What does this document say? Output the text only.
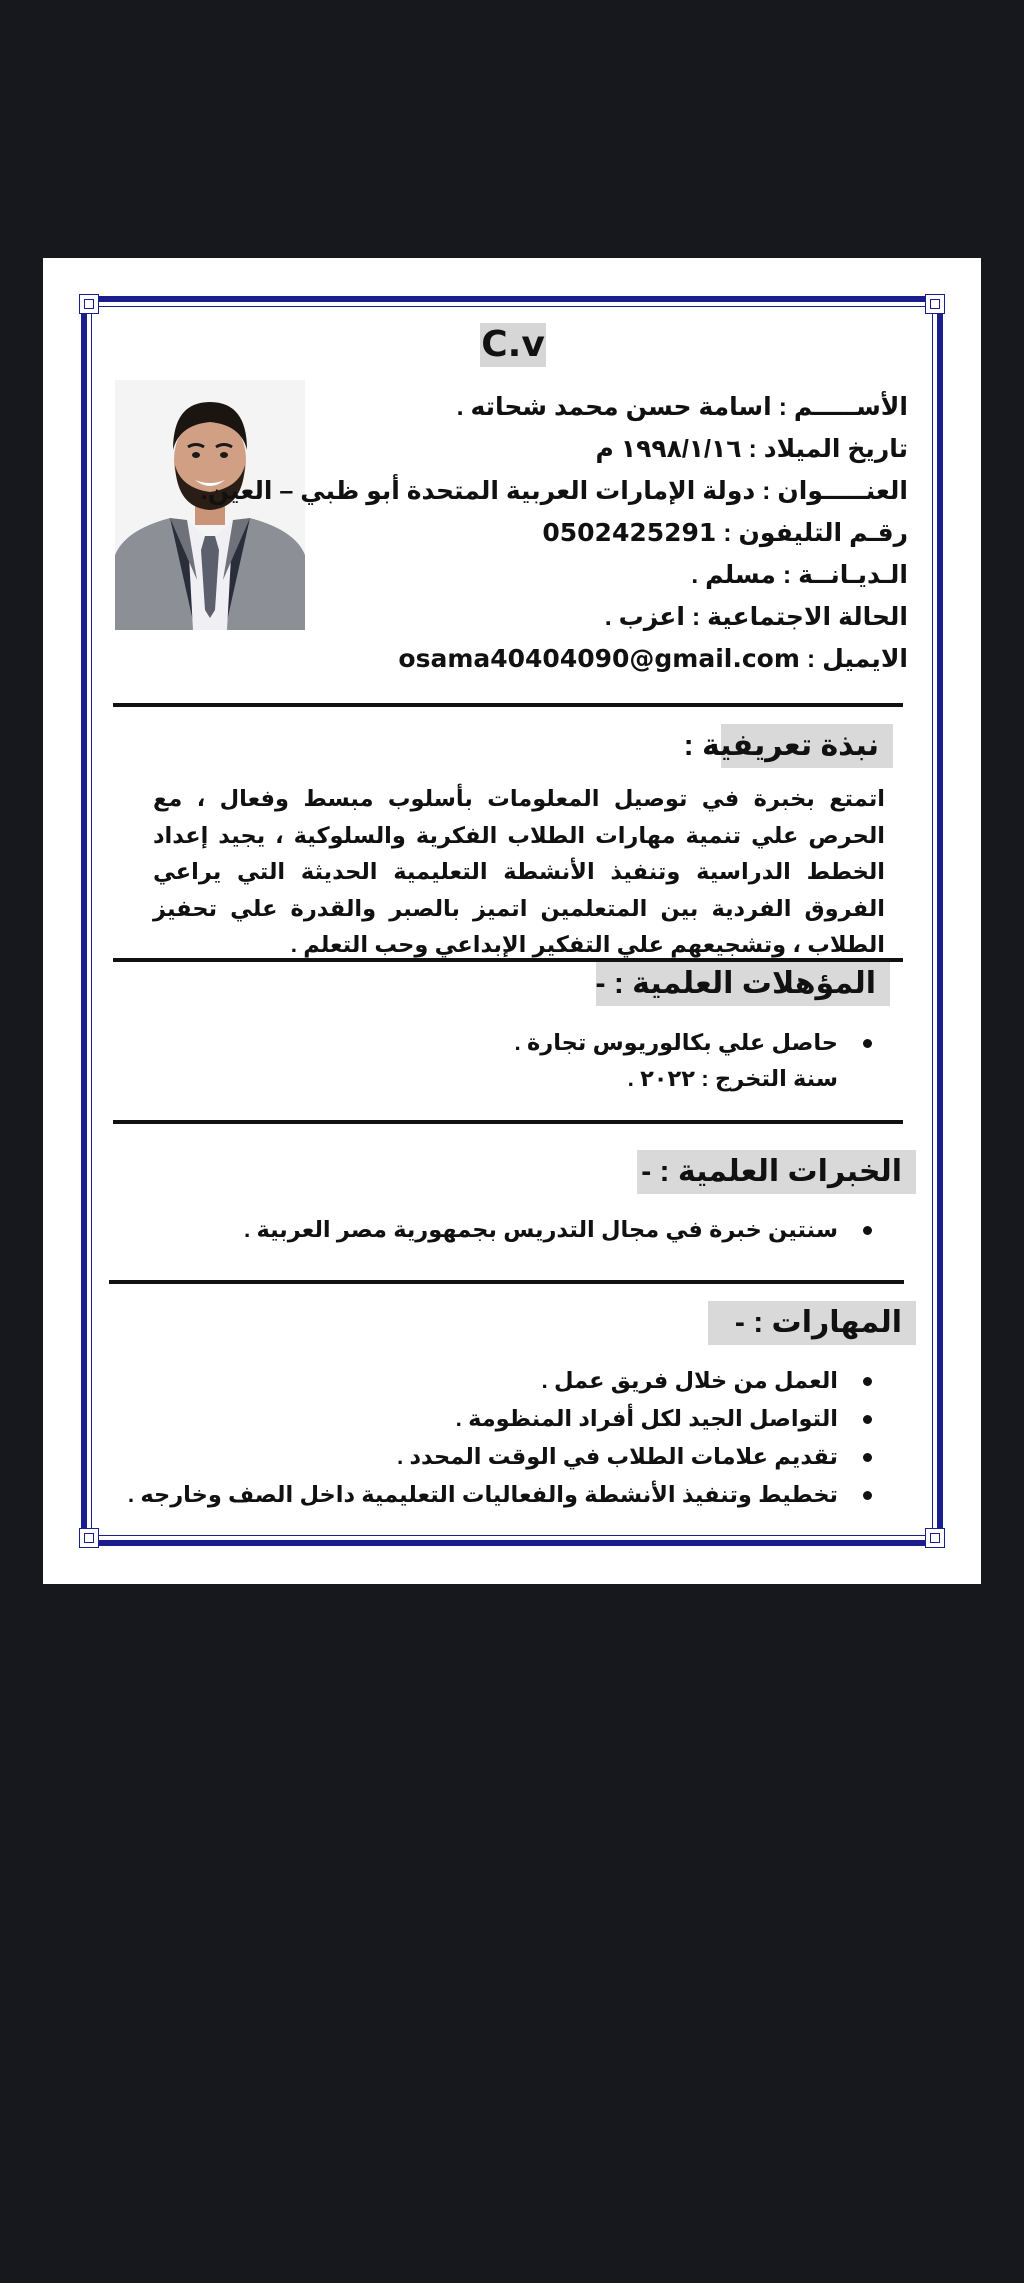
C.v
الأســـــم : اسامة حسن محمد شحاته .
تاريخ الميلاد : ١٩٩٨/١/١٦ م
العنـــــوان : دولة الإمارات العربية المتحدة أبو ظبي – العين.
رقـم التليفون : 0502425291
الـديـانــة : مسلم .
الحالة الاجتماعية : اعزب .
الايميل : osama40404090@gmail.com
نبذة تعريفية :
اتمتع بخبرة في توصيل المعلومات بأسلوب مبسط وفعال ، مع الحرص علي تنمية مهارات الطلاب الفكرية والسلوكية ، يجيد إعداد الخطط الدراسية وتنفيذ الأنشطة التعليمية الحديثة التي يراعي الفروق الفردية بين المتعلمين اتميز بالصبر والقدرة علي تحفيز الطلاب ، وتشجيعهم علي التفكير الإبداعي وحب التعلم .
المؤهلات العلمية : -
حاصل علي بكالوريوس تجارة .
سنة التخرج : ٢٠٢٢ .
الخبرات العلمية : -
سنتين خبرة في مجال التدريس بجمهورية مصر العربية .
المهارات : -
العمل من خلال فريق عمل .
التواصل الجيد لكل أفراد المنظومة .
تقديم علامات الطلاب في الوقت المحدد .
تخطيط وتنفيذ الأنشطة والفعاليات التعليمية داخل الصف وخارجه .
